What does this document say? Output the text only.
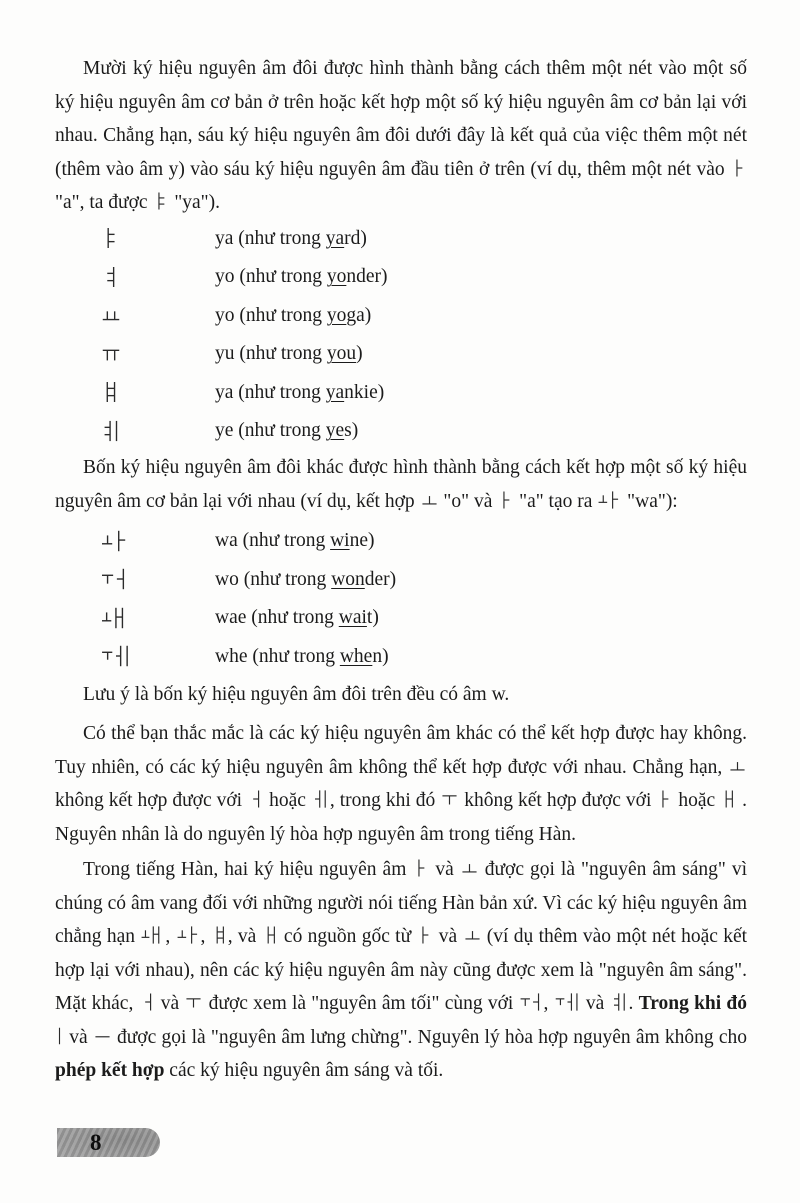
Mười ký hiệu nguyên âm đôi được hình thành bằng cách thêm một nét vào một số ký hiệu nguyên âm cơ bản ở trên hoặc kết hợp một số ký hiệu nguyên âm cơ bản lại với nhau. Chẳng hạn, sáu ký hiệu nguyên âm đôi dưới đây là kết quả của việc thêm một nét (thêm vào âm y) vào sáu ký hiệu nguyên âm đầu tiên ở trên (ví dụ, thêm một nét vào  "a", ta được  "ya").

ya (như trong yard)
yo (như trong yonder)
yo (như trong yoga)
yu (như trong you)
ya (như trong yankie)
ye (như trong yes)

Bốn ký hiệu nguyên âm đôi khác được hình thành bằng cách kết hợp một số ký hiệu nguyên âm cơ bản lại với nhau (ví dụ, kết hợp  "o" và  "a" tạo ra  "wa"):

wa (như trong wine)
wo (như trong wonder)
wae (như trong wait)
whe (như trong when)

Lưu ý là bốn ký hiệu nguyên âm đôi trên đều có âm w.

Có thể bạn thắc mắc là các ký hiệu nguyên âm khác có thể kết hợp được hay không. Tuy nhiên, có các ký hiệu nguyên âm không thể kết hợp được với nhau. Chẳng hạn,  không kết hợp được với  hoặc , trong khi đó  không kết hợp được với  hoặc  . Nguyên nhân là do nguyên lý hòa hợp nguyên âm trong tiếng Hàn.

Trong tiếng Hàn, hai ký hiệu nguyên âm  và  được gọi là "nguyên âm sáng" vì chúng có âm vang đối với những người nói tiếng Hàn bản xứ. Vì các ký hiệu nguyên âm chẳng hạn , , , và  có nguồn gốc từ  và  (ví dụ thêm vào một nét hoặc kết hợp lại với nhau), nên các ký hiệu nguyên âm này cũng được xem là "nguyên âm sáng". Mặt khác,  và  được xem là "nguyên âm tối" cùng với ,  và . Trong khi đó  và  được gọi là "nguyên âm lưng chừng". Nguyên lý hòa hợp nguyên âm không cho phép kết hợp các ký hiệu nguyên âm sáng và tối.

8
